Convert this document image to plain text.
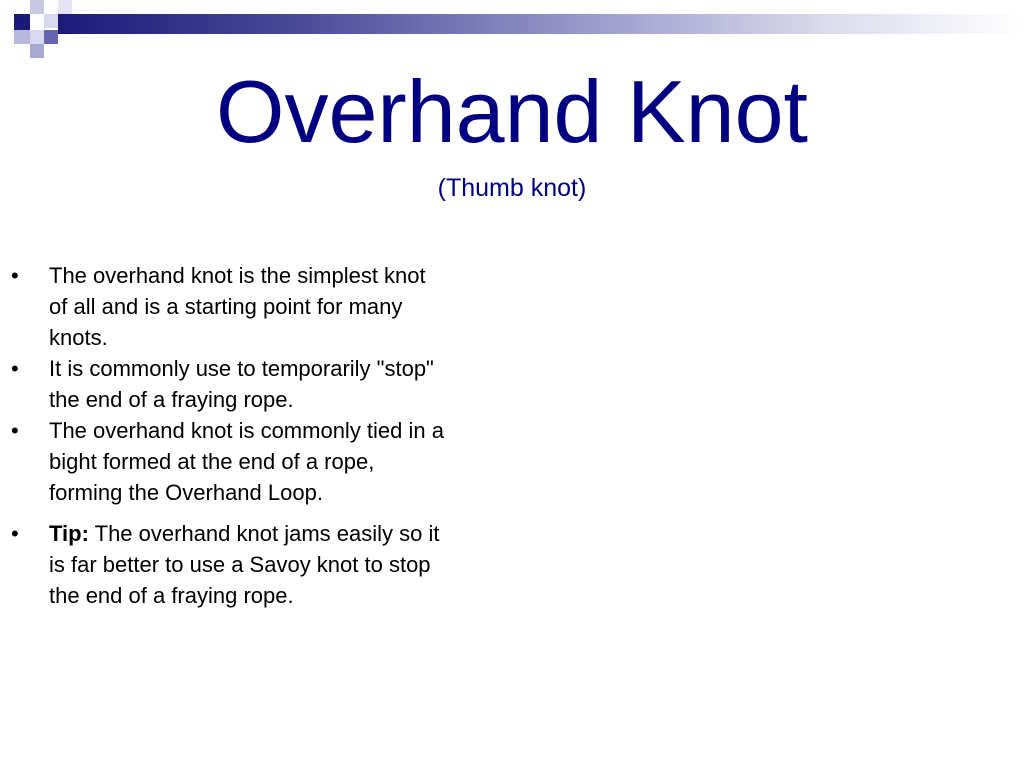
Overhand Knot
(Thumb knot)
• The overhand knot is the simplest knot of all and is a starting point for many knots.
• It is commonly use to temporarily "stop" the end of a fraying rope.
• The overhand knot is commonly tied in a bight formed at the end of a rope, forming the Overhand Loop.
• Tip: The overhand knot jams easily so it is far better to use a Savoy knot to stop the end of a fraying rope.
